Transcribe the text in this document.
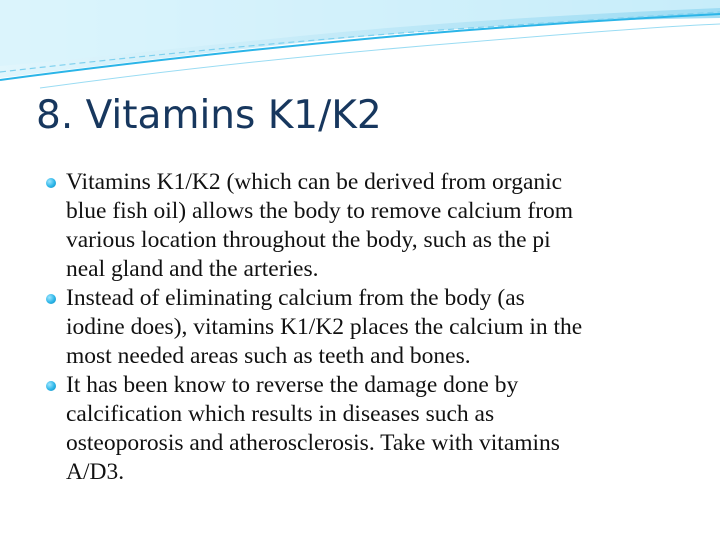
8. Vitamins K1/K2
Vitamins K1/K2 (which can be derived from organic
blue fish oil) allows the body to remove calcium from
various location throughout the body, such as the pi
neal gland and the arteries.
Instead of eliminating calcium from the body (as
iodine does), vitamins K1/K2 places the calcium in the
most needed areas such as teeth and bones.
It has been know to reverse the damage done by
calcification which results in diseases such as
osteoporosis and atherosclerosis. Take with vitamins
A/D3.
